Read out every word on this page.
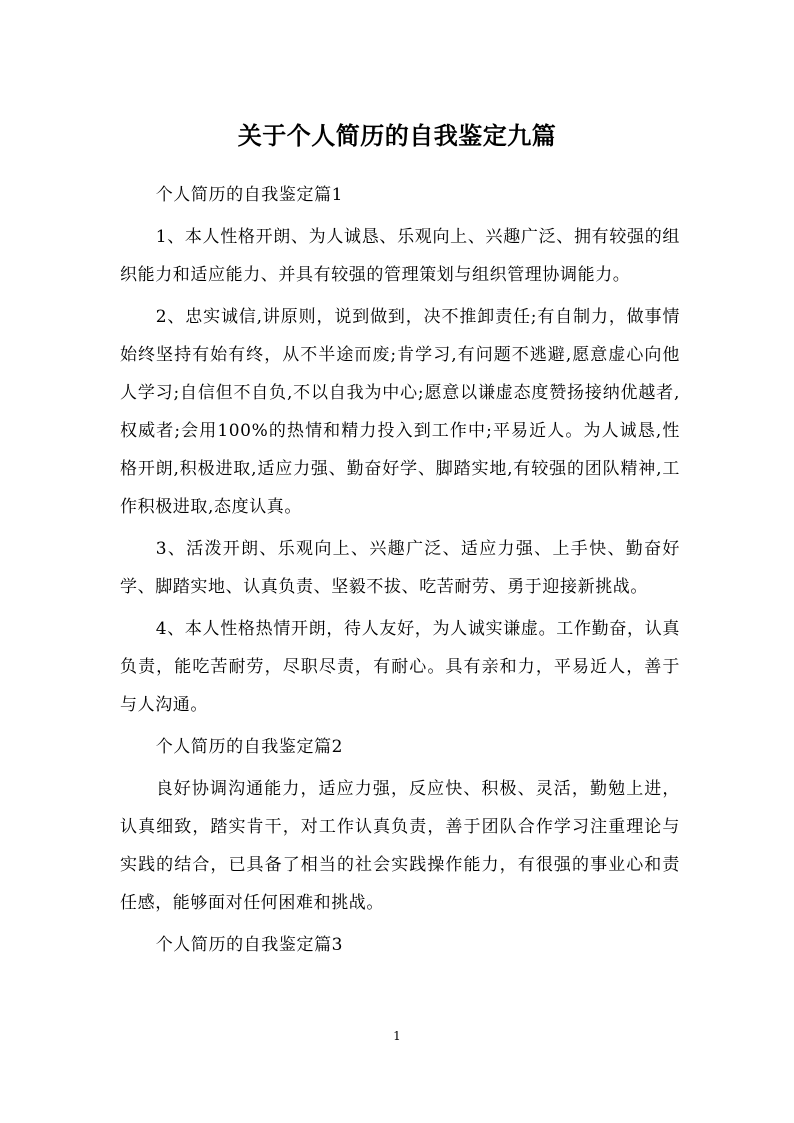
关于个人简历的自我鉴定九篇

个人简历的自我鉴定篇1

1、本人性格开朗、为人诚恳、乐观向上、兴趣广泛、拥有较强的组织能力和适应能力、并具有较强的管理策划与组织管理协调能力。

2、忠实诚信,讲原则，说到做到，决不推卸责任;有自制力，做事情始终坚持有始有终，从不半途而废;肯学习,有问题不逃避,愿意虚心向他人学习;自信但不自负,不以自我为中心;愿意以谦虚态度赞扬接纳优越者,权威者;会用100%的热情和精力投入到工作中;平易近人。为人诚恳,性格开朗,积极进取,适应力强、勤奋好学、脚踏实地,有较强的团队精神,工作积极进取,态度认真。

3、活泼开朗、乐观向上、兴趣广泛、适应力强、上手快、勤奋好学、脚踏实地、认真负责、坚毅不拔、吃苦耐劳、勇于迎接新挑战。

4、本人性格热情开朗，待人友好，为人诚实谦虚。工作勤奋，认真负责，能吃苦耐劳，尽职尽责，有耐心。具有亲和力，平易近人，善于与人沟通。

个人简历的自我鉴定篇2

良好协调沟通能力，适应力强，反应快、积极、灵活，勤勉上进，认真细致，踏实肯干，对工作认真负责，善于团队合作学习注重理论与实践的结合，已具备了相当的社会实践操作能力，有很强的事业心和责任感，能够面对任何困难和挑战。

个人简历的自我鉴定篇3

1
